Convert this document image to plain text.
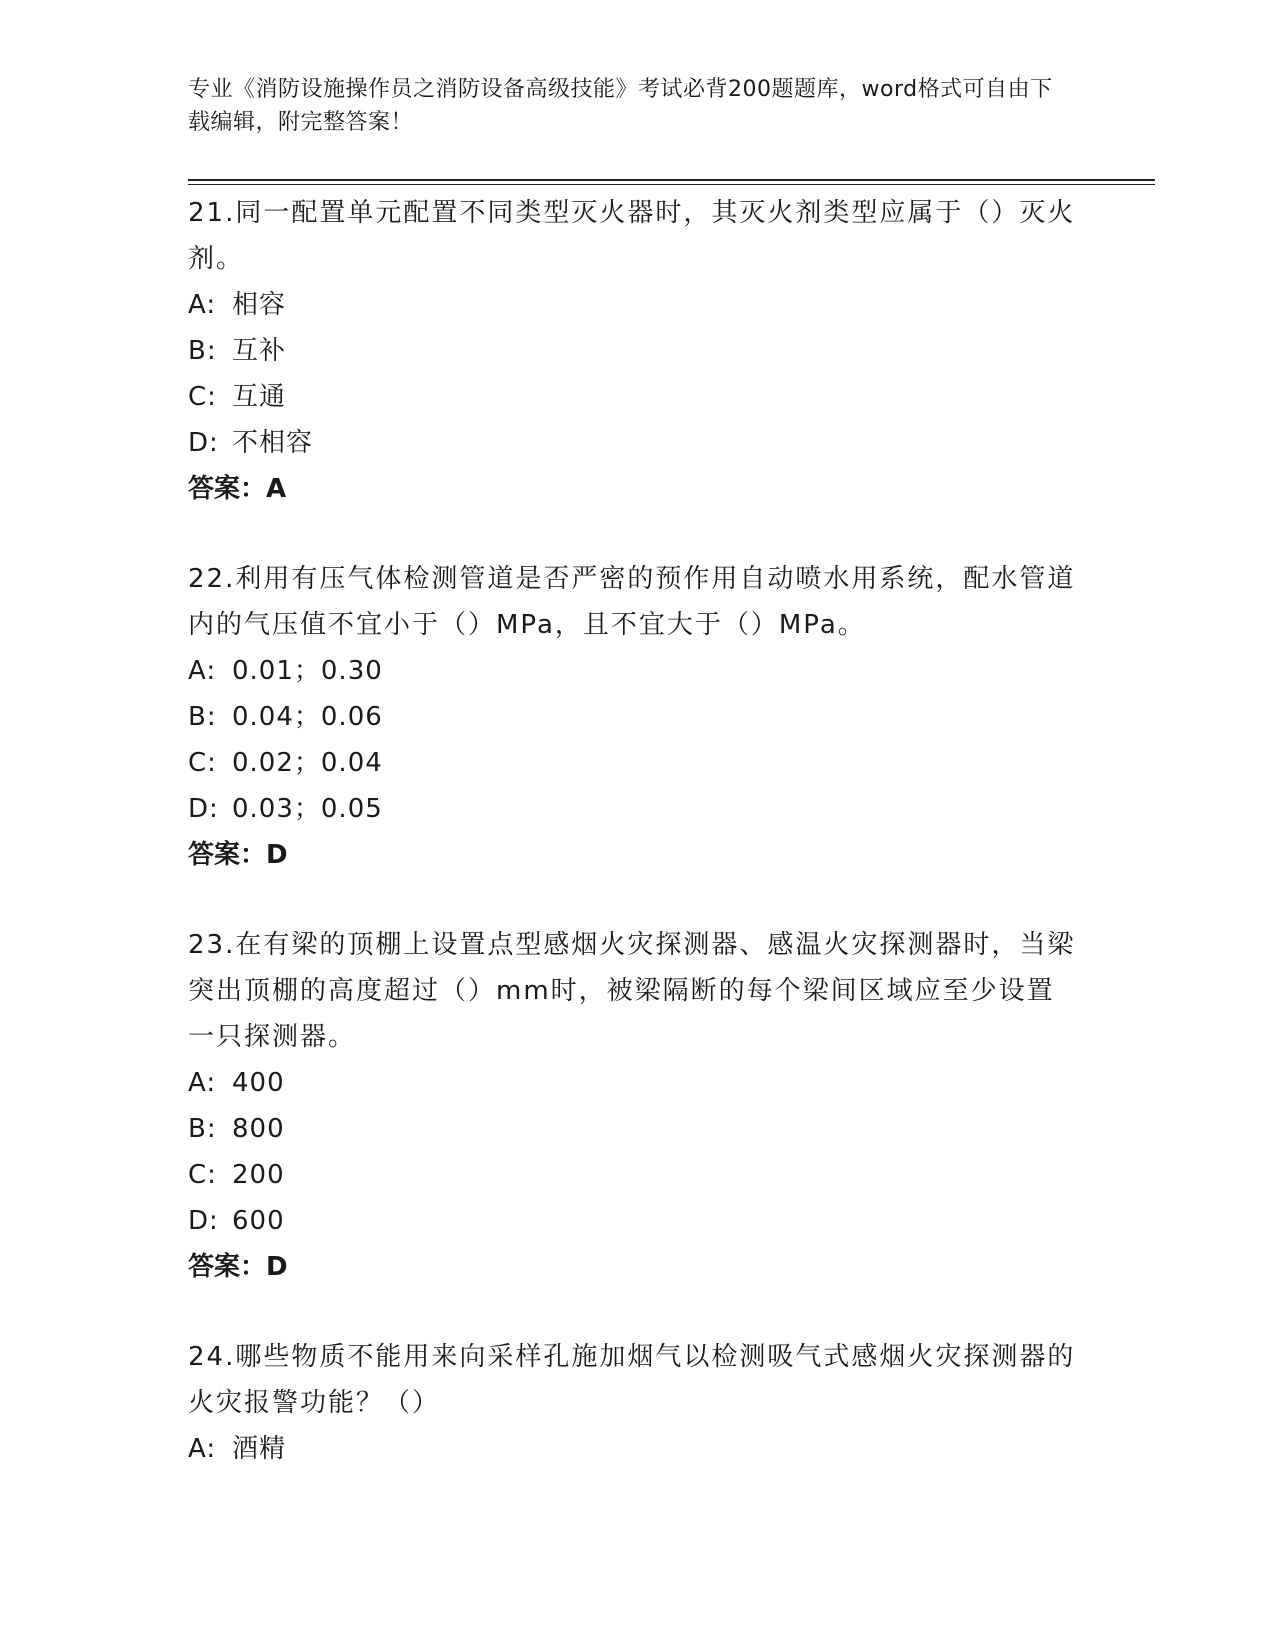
专业《消防设施操作员之消防设备高级技能》考试必背200题题库，word格式可自由下载编辑，附完整答案！
21.同一配置单元配置不同类型灭火器时，其灭火剂类型应属于（）灭火剂。
A: 相容
B: 互补
C: 互通
D: 不相容
答案：A
22.利用有压气体检测管道是否严密的预作用自动喷水用系统，配水管道内的气压值不宜小于（）MPa，且不宜大于（）MPa。
A: 0.01；0.30
B: 0.04；0.06
C: 0.02；0.04
D: 0.03；0.05
答案：D
23.在有梁的顶棚上设置点型感烟火灾探测器、感温火灾探测器时，当梁突出顶棚的高度超过（）mm时，被梁隔断的每个梁间区域应至少设置一只探测器。
A: 400
B: 800
C: 200
D: 600
答案：D
24.哪些物质不能用来向采样孔施加烟气以检测吸气式感烟火灾探测器的火灾报警功能？（）
A: 酒精
